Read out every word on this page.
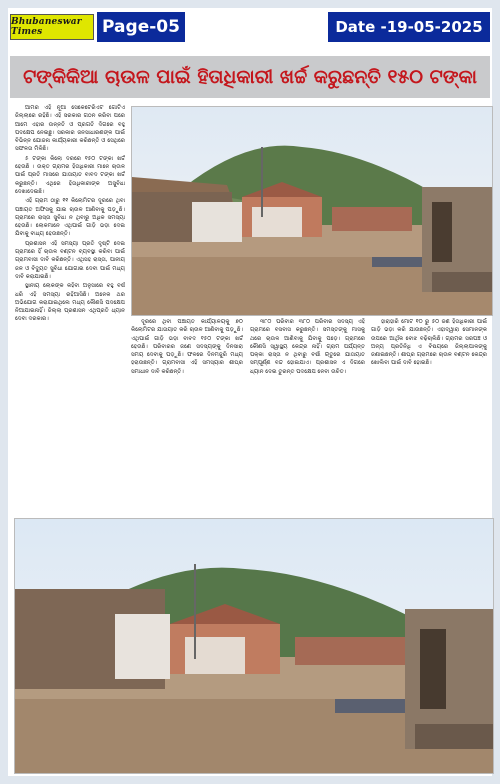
Bhubaneswar Times	Page-05	Date -19-05-2025
ଟଙ୍କିକିଆ ଚାଉଳ ପାଇଁ ହିତାଧିକାରୀ ଖର୍ଚ୍ଚ କରୁଛନ୍ତି ୧୫୦ ଟଙ୍କା

ଆମର ଏହି ନୂଆ ସେକେଟେରିଏଟ ଗୋଟିଏ ଜିଲ୍ଲାରେ ରହିଛି। ଏହି ସରକାର ଗଠନ କରିବା ପରେ ଆମେ ଏହାର ଉନ୍ନତି ଓ ପ୍ରଗତି ଦିଗରେ ବହୁ ପଦକ୍ଷେପ ନେଇଛୁ। ସରକାର ଜନସାଧାରଣଙ୍କ ପାଇଁ ବିଭିନ୍ନ ଯୋଜନା କାର୍ଯ୍ୟକାରୀ କରିଛନ୍ତି ଓ ସେଥିରେ ସଫଳତା ମିଳିଛି।

୫ ଟଙ୍କା କିଲୋ ଦରରେ ୧୫୦ ଟଙ୍କା ଖର୍ଚ୍ଚ ହେଉଛି । ଉକ୍ତ ଗ୍ରାମର ହିତାଧିକାରୀ ମାନେ ଚାଉଳ ପାଇଁ ପ୍ରତି ମାସରେ ଯାତାୟାତ ବାବଦ ଟଙ୍କା ଖର୍ଚ୍ଚ କରୁଛନ୍ତି। ଏଥିରେ ହିତାଧିକାରୀଙ୍କ ଅସୁବିଧା ଦେଖାଦେଇଛି।

ଏହି ଗ୍ରାମ ଠାରୁ ୧୧ କିଲୋମିଟର ଦୂରରେ ଥିବା ପଞ୍ଚାୟତ ଅଫିସକୁ ଯାଇ ଚାଉଳ ଆଣିବାକୁ ପଡ଼ୁଛି। ଗ୍ରାମରେ ରାସ୍ତା ସୁବିଧା ନ ଥିବାରୁ ଅଧିକ ସମସ୍ୟା ହେଉଛି। ଲୋକମାନେ ଏଥିପାଇଁ ଗାଡ଼ି ଭଡ଼ା ଦେଇ ଯିବାକୁ ବାଧ୍ୟ ହେଉଛନ୍ତି।

ପ୍ରଶାସନ ଏହି ସମସ୍ୟା ପ୍ରତି ଦୃଷ୍ଟି ଦେଇ ଗ୍ରାମରେ ହିଁ ଚାଉଳ ବଣ୍ଟନ ବ୍ୟବସ୍ଥା କରିବା ପାଇଁ ଗ୍ରାମବାସୀ ଦାବି କରିଛନ୍ତି। ଏଥିସହ ରାସ୍ତା, ପାନୀୟ ଜଳ ଓ ବିଦ୍ୟୁତ ସୁବିଧା ଯୋଗାଇ ଦେବା ପାଇଁ ମଧ୍ୟ ଦାବି କରାଯାଇଛି।

ସ୍ଥାନୀୟ ଲୋକଙ୍କ କହିବା ଅନୁସାରେ ବହୁ ବର୍ଷ ଧରି ଏହି ସମସ୍ୟା ରହିଆସିଛି। ଅନେକ ଥର ଅଭିଯୋଗ କରାଯାଇଥିଲେ ମଧ୍ୟ କୌଣସି ପଦକ୍ଷେପ ନିଆଯାଇନାହିଁ। ଜିଲ୍ଲା ପ୍ରଶାସନ ଏଥିପ୍ରତି ଧ୍ୟାନ ଦେବା ଦରକାର।	ଦୂରରେ ଥିବା ପଞ୍ଚାୟତ କାର୍ଯ୍ୟାଳୟକୁ ୭୦ କିଲୋମିଟର ଯାତାୟାତ କରି ଚାଉଳ ଆଣିବାକୁ ପଡ଼ୁଛି। ଏଥିପାଇଁ ଗାଡ଼ି ଭଡ଼ା ବାବଦ ୧୫୦ ଟଙ୍କା ଖର୍ଚ୍ଚ ହେଉଛି। ପରିବାରର ଜଣେ ସଦସ୍ୟଙ୍କୁ ଦିନସାରା ସମୟ ଦେବାକୁ ପଡ଼ୁଛି। ଫଳରେ ଦିନମଜୁରି ମଧ୍ୟ ହରାଉଛନ୍ତି। ଗ୍ରାମବାସୀ ଏହି ସମସ୍ୟାର ଶୀଘ୍ର ସମାଧାନ ଦାବି କରିଛନ୍ତି।

୩୮୦ ପରିବାର ୩୮୦ ପରିବାର ସଦସ୍ୟ ଏହି ଗ୍ରାମରେ ବସବାସ କରୁଛନ୍ତି। ସମସ୍ତଙ୍କୁ ମାସକୁ ଥରେ ଚାଉଳ ଆଣିବାକୁ ଯିବାକୁ ପଡ଼େ। ଗ୍ରାମରେ କୌଣସି ସ୍ୱାସ୍ଥ୍ୟ କେନ୍ଦ୍ର ନାହିଁ। ଗ୍ରାମ ପର୍ଯ୍ୟନ୍ତ ପକ୍କା ରାସ୍ତା ନ ଥିବାରୁ ବର୍ଷା ଋତୁରେ ଯାତାୟାତ ସମ୍ପୂର୍ଣ୍ଣ ବନ୍ଦ ହୋଇଯାଏ। ପ୍ରଶାସନ ଏ ଦିଗରେ ଧ୍ୟାନ ଦେଇ ତୁରନ୍ତ ପଦକ୍ଷେପ ନେବା ଉଚିତ।

ହାରାହାରି ମୋଟ ୧୦ ରୁ ୫୦ ଜଣ ହିତାଧିକାରୀ ପାଇଁ ଗାଡ଼ି ଭଡ଼ା କରି ଯାଉଛନ୍ତି। ଏହାଦ୍ୱାରା ସେମାନଙ୍କ ଉପରେ ଆର୍ଥିକ ବୋଝ ବଢ଼ିଚାଲିଛି। ଗ୍ରାମର ସରପଞ୍ଚ ଓ ଅନ୍ୟ ପ୍ରତିନିଧି ଏ ବିଷୟରେ ଜିଲ୍ଲାପାଳଙ୍କୁ ଜଣାଇଛନ୍ତି। ଶୀଘ୍ର ଗ୍ରାମରେ ଚାଉଳ ବଣ୍ଟନ କେନ୍ଦ୍ର ଖୋଲିବା ପାଇଁ ଦାବି ହୋଇଛି।
